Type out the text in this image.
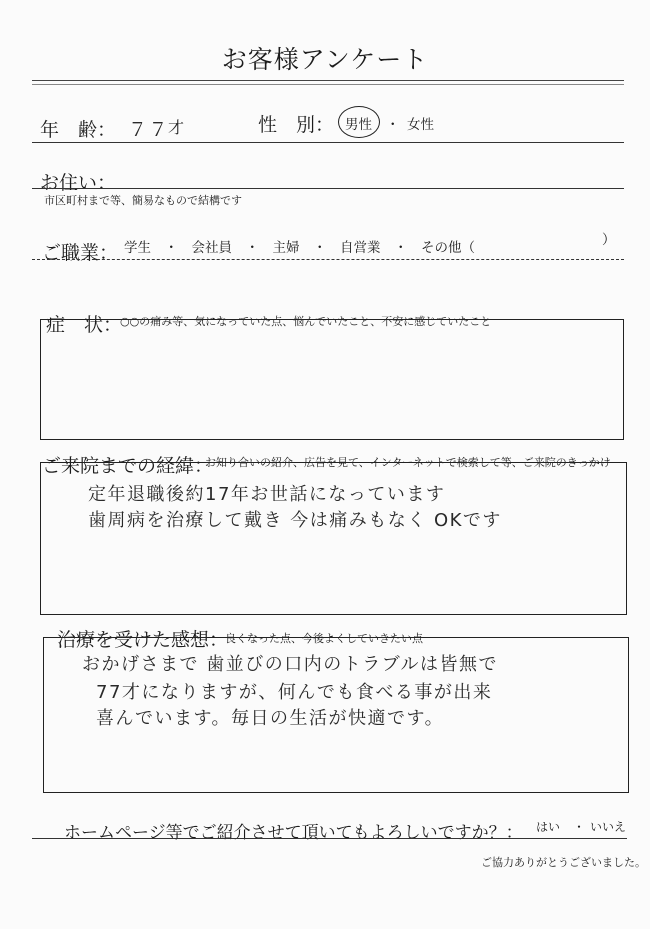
お客様アンケート
年　齢： ７７
才	性　別： 男性 ・ 女性
お住い：
市区町村まで等、簡易なもので結構です
ご職業： 学生　・　会社員　・　主婦　・　自営業　・　その他（	）
症　状：
○○の痛み等、気になっていた点、悩んでいたこと、不安に感じていたこと
ご来院までの経緯：
お知り合いの紹介、広告を見て、インターネットで検索して等、ご来院のきっかけ
定年退職後約17年お世話になっています
歯周病を治療して戴き 今は痛みもなく OKです
治療を受けた感想：
良くなった点、今後よくしていきたい点
おかげさまで 歯並びの口内のトラブルは皆無で
77才になりますが、何んでも食べる事が出来
喜んでいます。毎日の生活が快適です。
ホームページ等でご紹介させて頂いてもよろしいですか？： はい ・ いいえ
ご協力ありがとうございました。
